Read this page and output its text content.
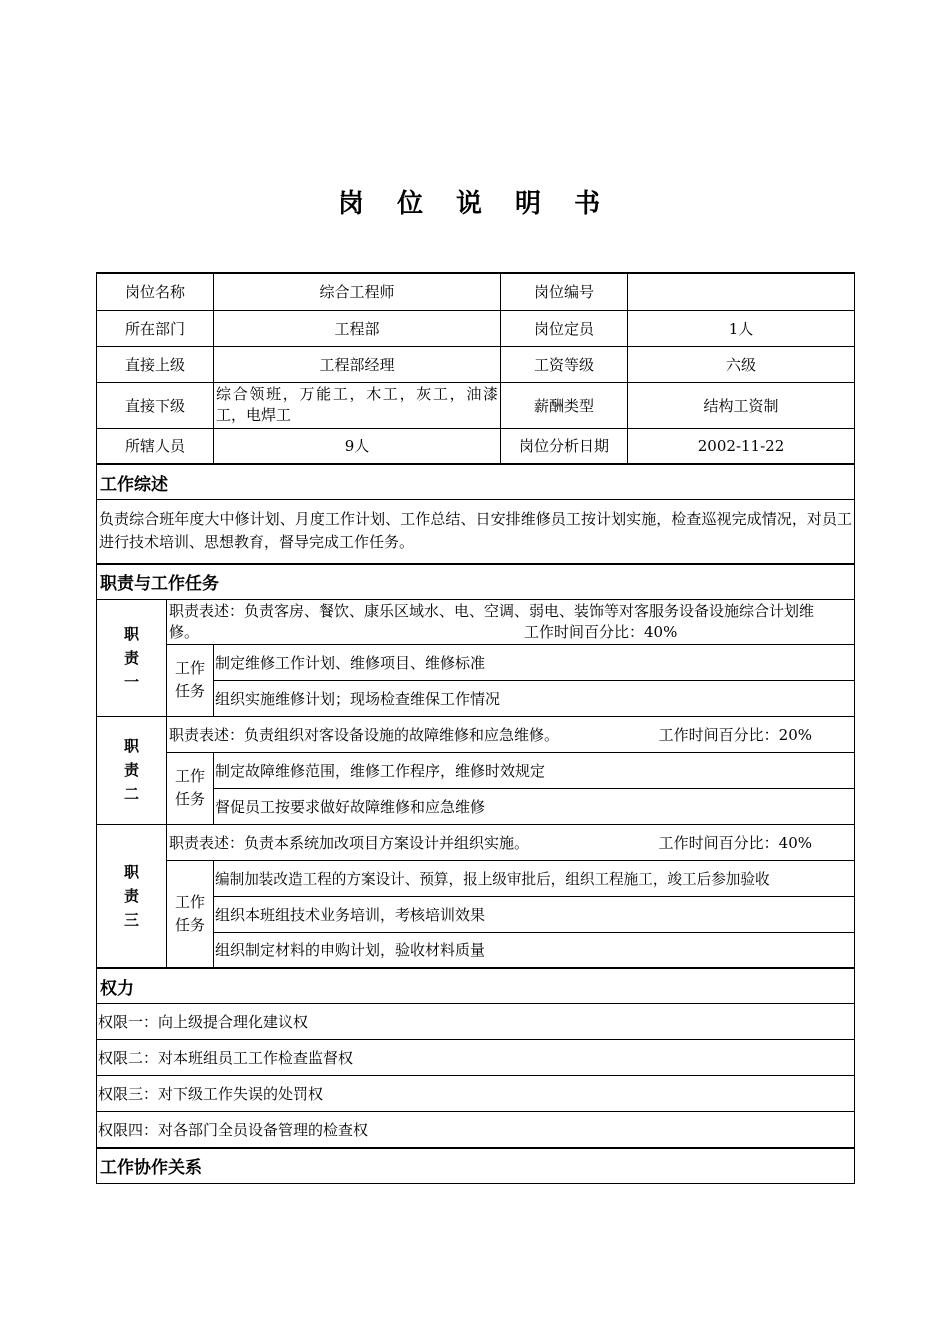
岗 位 说 明 书
岗位名称		综合工程师	岗位编号	
所在部门		工程部	岗位定员	1人
直接上级		工程部经理	工资等级	六级
直接下级		综合领班，万能工，木工，灰工，油漆工，电焊工	薪酬类型	结构工资制
所辖人员		9人	岗位分析日期	2002-11-22
工作综述				
负责综合班年度大中修计划、月度工作计划、工作总结、日安排维修员工按计划实施，检查巡视完成情况，对员工进行技术培训、思想教育，督导完成工作任务。				
职责与工作任务				

职责一	职责表述：负责客房、餐饮、康乐区域水、电、空调、弱电、装饰等对客服务设备设施综合计划维
修。 工作时间百分比：40%			

	工作任务	制定维修工作计划、维修项目、维修标准		
		组织实施维修计划；现场检查维保工作情况		

职责二	职责表述：负责组织对客设备设施的故障维修和应急维修。 工作时间百分比：20%			

	工作任务	制定故障维修范围，维修工作程序，维修时效规定		
		督促员工按要求做好故障维修和应急维修		

职责三	职责表述：负责本系统加改项目方案设计并组织实施。 工作时间百分比：40%			

	工作任务	编制加装改造工程的方案设计、预算，报上级审批后，组织工程施工，竣工后参加验收		
		组织本班组技术业务培训，考核培训效果		
		组织制定材料的申购计划，验收材料质量		
权力				
权限一：向上级提合理化建议权				
权限二：对本班组员工工作检查监督权				
权限三：对下级工作失误的处罚权				
权限四：对各部门全员设备管理的检查权				
工作协作关系				
